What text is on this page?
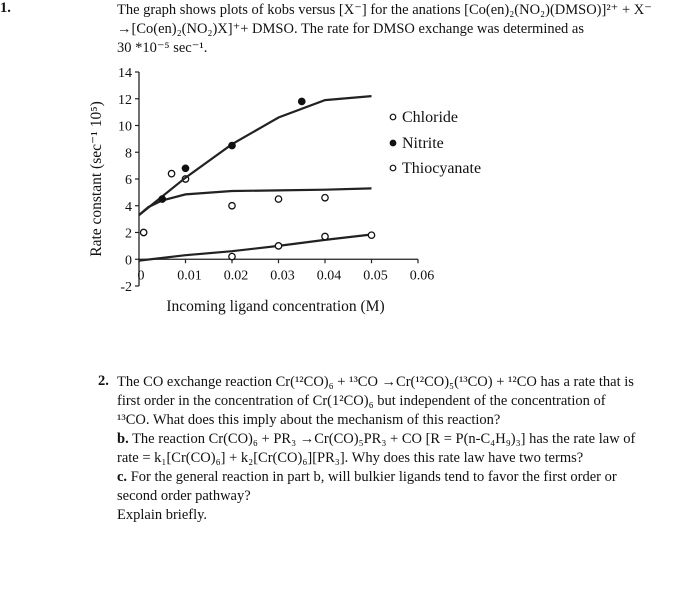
1.	The graph shows plots of kobs versus [X⁻] for the anations [Co(en)₂(NO₂)(DMSO)]²⁺ + X⁻
→[Co(en)₂(NO₂)X]⁺+ DMSO. The rate for DMSO exchange was determined as
30 *10⁻⁵ sec⁻¹.
-2
0
2
4
6
8
10
12
14
0 0.01 0.02 0.03 0.04 0.05 0.06
Incoming ligand concentration (M)
Rate constant (sec⁻¹ 10⁵)	Chloride
Nitrite
Thiocyanate
2. The CO exchange reaction Cr(¹²CO)₆ + ¹³CO →Cr(¹²CO)₅(¹³CO) + ¹²CO has a rate that is

first order in the concentration of Cr(1²CO)₆ but independent of the concentration of

¹³CO. What does this imply about the mechanism of this reaction?

b. The reaction Cr(CO)₆ + PR₃ →Cr(CO)₅PR₃ + CO [R = P(n-C₄H₉)₃] has the rate law of

rate = k₁[Cr(CO)₆] + k₂[Cr(CO)₆][PR₃]. Why does this rate law have two terms?

c. For the general reaction in part b, will bulkier ligands tend to favor the first order or

second order pathway?

Explain briefly.
